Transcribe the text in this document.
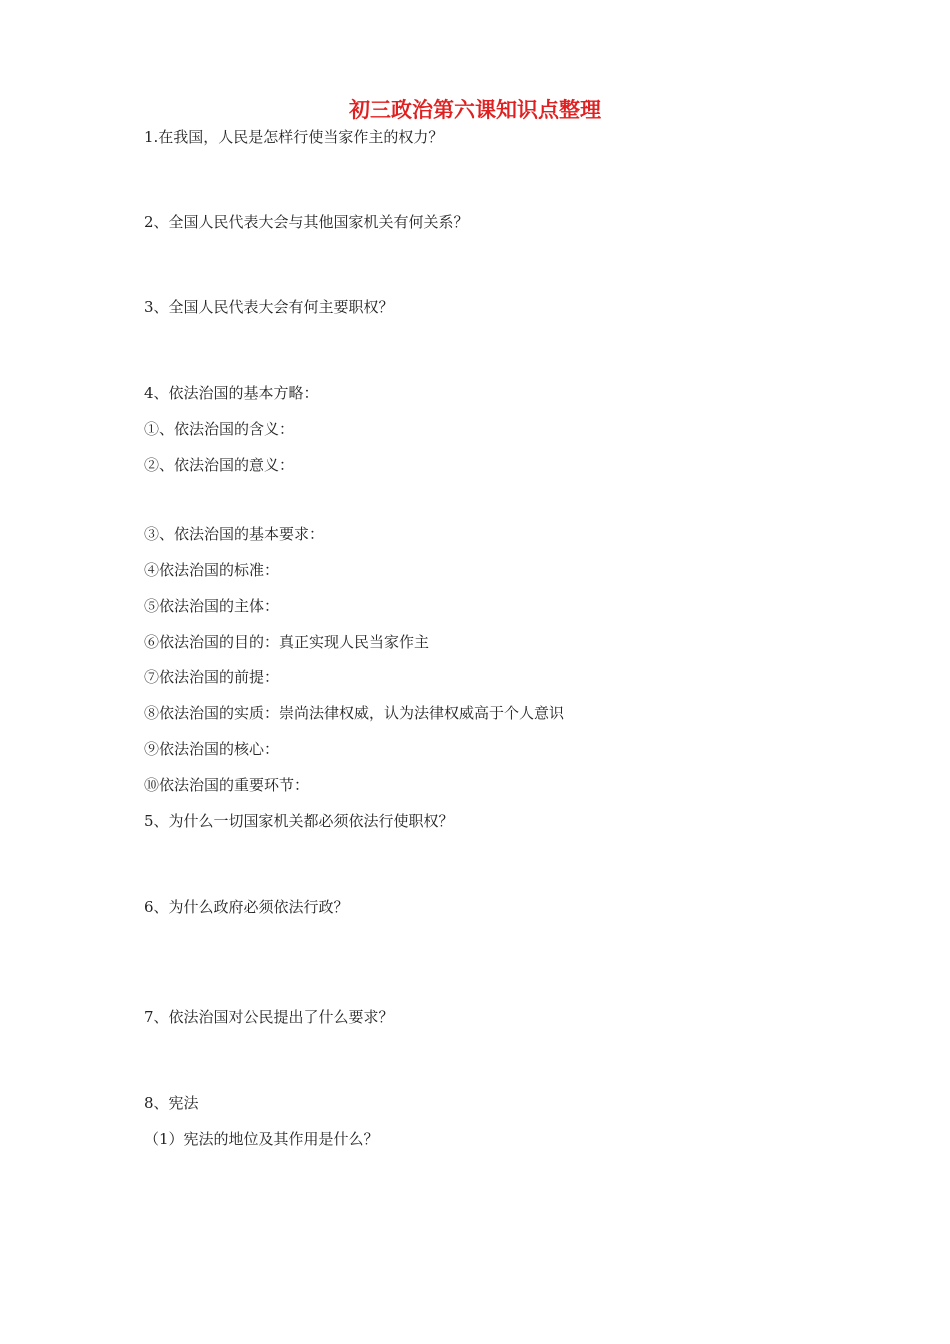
初三政治第六课知识点整理

1.在我国，人民是怎样行使当家作主的权力？

2、全国人民代表大会与其他国家机关有何关系？

3、全国人民代表大会有何主要职权？

4、依法治国的基本方略：

①、依法治国的含义：

②、依法治国的意义：

③、依法治国的基本要求：

④依法治国的标准：

⑤依法治国的主体：

⑥依法治国的目的：真正实现人民当家作主

⑦依法治国的前提：

⑧依法治国的实质：崇尚法律权威，认为法律权威高于个人意识

⑨依法治国的核心：

⑩依法治国的重要环节：

5、为什么一切国家机关都必须依法行使职权？

6、为什么政府必须依法行政？

7、依法治国对公民提出了什么要求？

8、宪法

（1）宪法的地位及其作用是什么？
